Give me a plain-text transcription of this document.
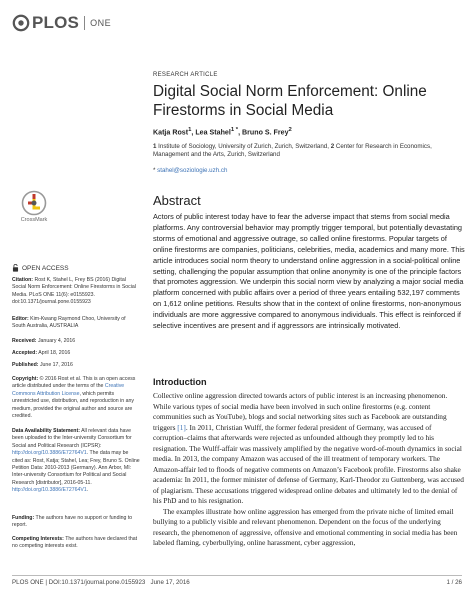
PLOS ONE
CrossMark
OPEN ACCESS
Citation: Rost K, Stahel L, Frey BS (2016) Digital Social Norm Enforcement: Online Firestorms in Social Media. PLoS ONE 11(6): e0155923. doi:10.1371/journal.pone.0155923
Editor: Kim-Kwang Raymond Choo, University of South Australia, AUSTRALIA
Received: January 4, 2016
Accepted: April 18, 2016
Published: June 17, 2016
Copyright: © 2016 Rost et al. This is an open access article distributed under the terms of the Creative Commons Attribution License, which permits unrestricted use, distribution, and reproduction in any medium, provided the original author and source are credited.
Data Availability Statement: All relevant data have been uploaded to the Inter-university Consortium for Social and Political Research (ICPSR): http://doi.org/10.3886/E72764V1. The data may be cited as: Rost, Katja; Stahel, Lea; Frey, Bruno S. Online Petition Data: 2010-2013 (Germany). Ann Arbor, MI: Inter-university Consortium for Political and Social Research [distributor], 2016-05-11. http://doi.org/10.3886/E72764V1.
Funding: The authors have no support or funding to report.
Competing Interests: The authors have declared that no competing interests exist.
RESEARCH ARTICLE
Digital Social Norm Enforcement: Online
Firestorms in Social Media
Katja Rost$^1$, Lea Stahel$^1$ *, Bruno S. Frey$^2$
1 Institute of Sociology, University of Zurich, Zurich, Switzerland, 2 Center for Research in Economics, Management and the Arts, Zurich, Switzerland
* stahel@soziologie.uzh.ch
Abstract
Actors of public interest today have to fear the adverse impact that stems from social media platforms. Any controversial behavior may promptly trigger temporal, but potentially devastating storms of emotional and aggressive outrage, so called online firestorms. Popular targets of online firestorms are companies, politicians, celebrities, media, academics and many more. This article introduces social norm theory to understand online aggression in a social-political online setting, challenging the popular assumption that online anonymity is one of the principle factors that promotes aggression. We underpin this social norm view by analyzing a major social media platform concerned with public affairs over a period of three years entailing 532,197 comments on 1,612 online petitions. Results show that in the context of online firestorms, non-anonymous individuals are more aggressive compared to anonymous individuals. This effect is reinforced if selective incentives are present and if aggressors are intrinsically motivated.
Introduction

Collective online aggression directed towards actors of public interest is an increasing phenomenon. While various types of social media have been involved in such online firestorms (e.g. content communities such as YouTube), blogs and social networking sites such as Facebook are outstanding triggers [1]. In 2011, Christian Wulff, the former federal president of Germany, was accused of corruption–claims that afterwards were rejected as unfounded although they promptly led to his resignation. The Wulff-affair was massively amplified by the negative word-of-mouth dynamics in social media. In 2013, the company Amazon was accused of the ill treatment of temporary workers. The Amazon-affair led to floods of negative comments on Amazon’s Facebook profile. Firestorms also shake academia: In 2011, the former minister of defense of Germany, Karl-Theodor zu Guttenberg, was accused of plagiarism. These accusations triggered widespread online debates and ultimately led to the denial of his PhD and to his resignation.

The examples illustrate how online aggression has emerged from the private niche of limited email bullying to a publicly visible and relevant phenomenon. Dependent on the focus of the underlying research, the phenomenon of aggressive, offensive and emotional commenting in social media has been labeled flaming, cyberbullying, online harassment, cyber aggression,

PLOS ONE | DOI:10.1371/journal.pone.0155923   June 17, 2016	1 / 26
